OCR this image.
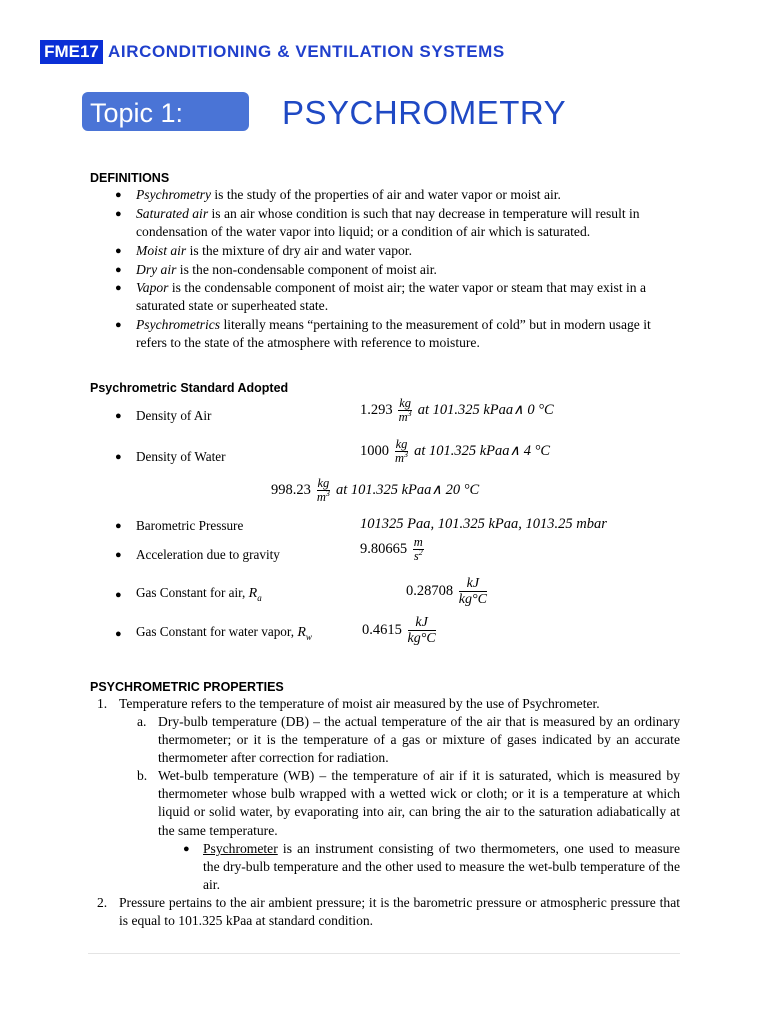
FME17 AIRCONDITIONING & VENTILATION SYSTEMS
Topic 1:	PSYCHROMETRY
DEFINITIONS
● Psychrometry is the study of the properties of air and water vapor or moist air.
● Saturated air is an air whose condition is such that nay decrease in temperature will result in condensation of the water vapor into liquid; or a condition of air which is saturated.
● Moist air is the mixture of dry air and water vapor.
● Dry air is the non-condensable component of moist air.
● Vapor is the condensable component of moist air; the water vapor or steam that may exist in a saturated state or superheated state.
● Psychrometrics literally means “pertaining to the measurement of cold” but in modern usage it refers to the state of the atmosphere with reference to moisture.
Psychrometric Standard Adopted
● Density of Air	$1.293 \frac{kg}{m^3}$ at 101.325 kPaa∧ 0 °C
● Density of Water	$1000 \frac{kg}{m^3}$ at 101.325 kPaa∧ 4 °C
$998.23 \frac{kg}{m^3}$ at 101.325 kPaa∧ 20 °C
● Barometric Pressure	101325 Paa, 101.325 kPaa, 1013.25 mbar
● Acceleration due to gravity	$9.80665 \frac{m}{s^2}$
● Gas Constant for air, $R_a$	$0.28708 \frac{kJ}{kg^\circ C}$
● Gas Constant for water vapor, $R_w$	$0.4615 \frac{kJ}{kg^\circ C}$
PSYCHROMETRIC PROPERTIES
1. Temperature refers to the temperature of moist air measured by the use of Psychrometer.
a. Dry-bulb temperature (DB) – the actual temperature of the air that is measured by an ordinary thermometer; or it is the temperature of a gas or mixture of gases indicated by an accurate thermometer after correction for radiation.
b. Wet-bulb temperature (WB) – the temperature of air if it is saturated, which is measured by thermometer whose bulb wrapped with a wetted wick or cloth; or it is a temperature at which liquid or solid water, by evaporating into air, can bring the air to the saturation adiabatically at the same temperature.
● Psychrometer is an instrument consisting of two thermometers, one used to measure the dry-bulb temperature and the other used to measure the wet-bulb temperature of the air.
2. Pressure pertains to the air ambient pressure; it is the barometric pressure or atmospheric pressure that is equal to 101.325 kPaa at standard condition.
